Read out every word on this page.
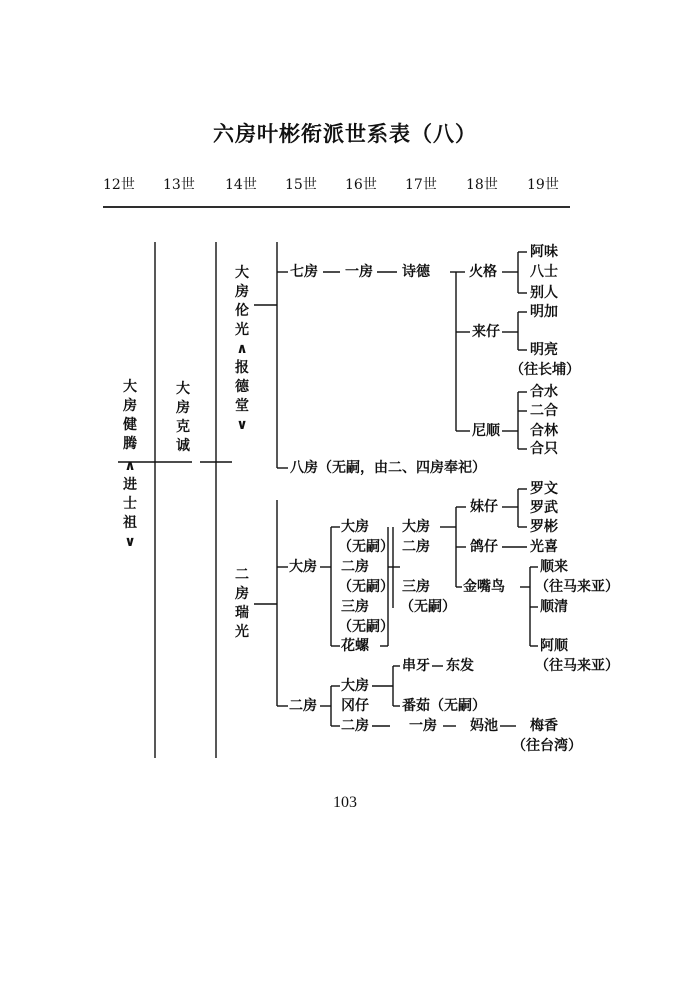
六房叶彬衔派世系表（八）
12世 13世 14世 15世 16世 17世 18世 19世
大房健腾
∧进士祖∨
大房克诚
大房伦光
∧报德堂∨
二房瑞光
七房 一房 诗德	火格
阿味
八士
别人
来仔
明加
明亮
（往长埔）
尼顺
合水
二合
合林
合只
八房（无嗣，由二、四房奉祀）
大房
大房
（无嗣）
二房
（无嗣）
三房
（无嗣）
花螺
大房
二房
三房
（无嗣）
妹仔
鸽仔
金嘴鸟
罗文
罗武
罗彬
光喜
顺来
（往马来亚）
顺清
阿顺
（往马来亚）
二房
大房
冈仔
二房
串牙 东发
番茹（无嗣）
一房 妈池 梅香
（往台湾）
103
